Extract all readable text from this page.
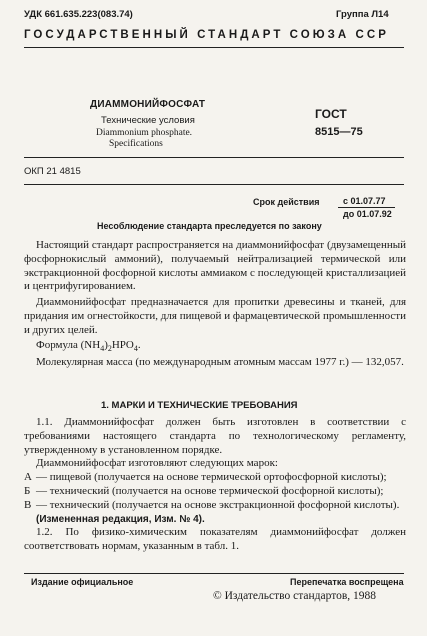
УДК 661.635.223(083.74)	Группа Л14
ГОСУДАРСТВЕННЫЙ СТАНДАРТ СОЮЗА ССР
ДИАММОНИЙФОСФАТ
Технические условия
Diammonium phosphate.
Specifications
ГОСТ
8515—75
ОКП 21 4815
Срок действия	с 01.07.77
до 01.07.92
Несоблюдение стандарта преследуется по закону

Настоящий стандарт распространяется на диаммонийфосфат (двузамещенный фосфорнокислый аммоний), получаемый нейтрализацией термической или экстракционной фосфорной кислоты аммиаком с последующей кристаллизацией и центрифугированием.

Диаммонийфосфат предназначается для пропитки древесины и тканей, для придания им огнестойкости, для пищевой и фармацевтической промышленности и других целей.

Формула $(NH_4)_2HPO_4$.

Молекулярная масса (по международным атомным массам 1977 г.) — 132,057.

1. МАРКИ И ТЕХНИЧЕСКИЕ ТРЕБОВАНИЯ

1.1. Диаммонийфосфат должен быть изготовлен в соответствии с требованиями настоящего стандарта по технологическому регламенту, утвержденному в установленном порядке.

Диаммонийфосфат изготовляют следующих марок:

А — пищевой (получается на основе термической ортофосфорной кислоты);
Б — технический (получается на основе термической фосфорной кислоты);
В — технический (получается на основе экстракционной фосфорной кислоты).

(Измененная редакция, Изм. № 4).

1.2. По физико-химическим показателям диаммонийфосфат должен соответствовать нормам, указанным в табл. 1.

Издание официальное	Перепечатка воспрещена
© Издательство стандартов, 1988
